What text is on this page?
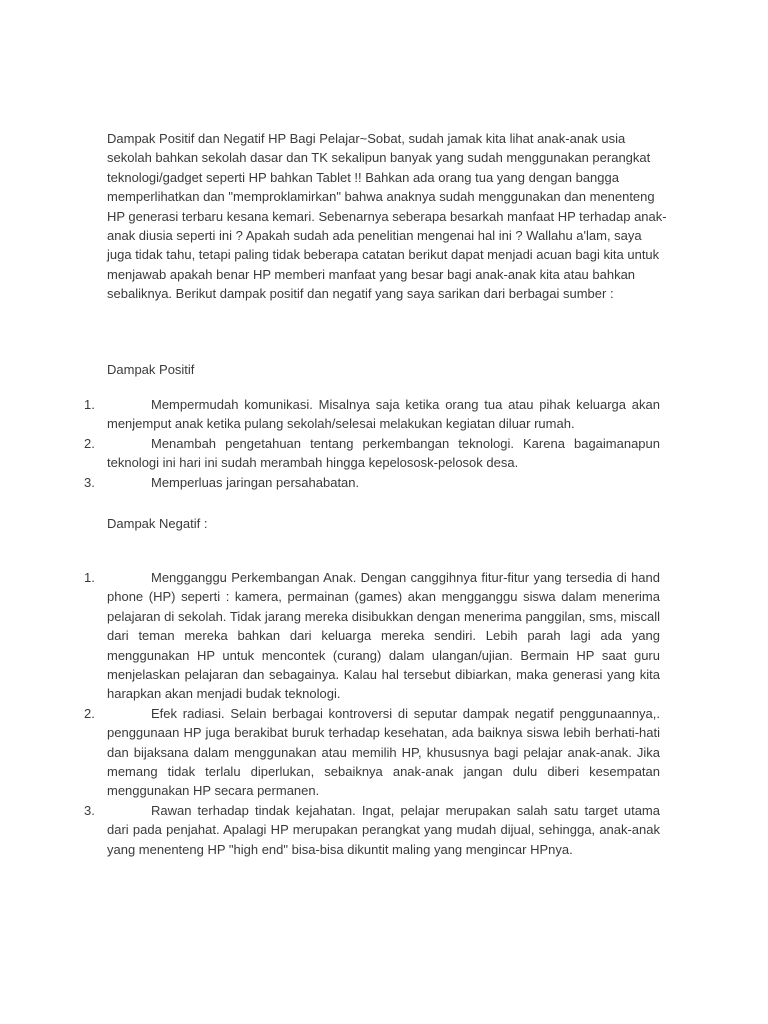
Dampak Positif dan Negatif HP Bagi Pelajar~Sobat, sudah jamak kita lihat anak-anak usia sekolah bahkan sekolah dasar dan TK sekalipun banyak yang sudah menggunakan perangkat teknologi/gadget seperti HP bahkan Tablet !! Bahkan ada orang tua yang dengan bangga memperlihatkan dan "memproklamirkan" bahwa anaknya sudah menggunakan dan menenteng HP generasi terbaru kesana kemari. Sebenarnya seberapa besarkah manfaat HP terhadap anak-anak diusia seperti ini ? Apakah sudah ada penelitian mengenai hal ini ? Wallahu a'lam, saya juga tidak tahu, tetapi paling tidak beberapa catatan berikut dapat menjadi acuan bagi kita untuk menjawab apakah benar HP memberi manfaat yang besar bagi anak-anak kita atau bahkan sebaliknya. Berikut dampak positif dan negatif yang saya sarikan dari berbagai sumber :

Dampak Positif

1.	Mempermudah komunikasi. Misalnya saja ketika orang tua atau pihak keluarga akan menjemput anak ketika pulang sekolah/selesai melakukan kegiatan diluar rumah.
2.	Menambah pengetahuan tentang perkembangan teknologi. Karena bagaimanapun teknologi ini hari ini sudah merambah hingga kepelososk-pelosok desa.
3.	Memperluas jaringan persahabatan.

Dampak Negatif :

1.	Mengganggu Perkembangan Anak. Dengan canggihnya fitur-fitur yang tersedia di hand phone (HP) seperti : kamera, permainan (games) akan mengganggu siswa dalam menerima pelajaran di sekolah. Tidak jarang mereka disibukkan dengan menerima panggilan, sms, miscall dari teman mereka bahkan dari keluarga mereka sendiri. Lebih parah lagi ada yang menggunakan HP untuk mencontek (curang) dalam ulangan/ujian. Bermain HP saat guru menjelaskan pelajaran dan sebagainya. Kalau hal tersebut dibiarkan, maka generasi yang kita harapkan akan menjadi budak teknologi.
2.	Efek radiasi. Selain berbagai kontroversi di seputar dampak negatif penggunaannya,. penggunaan HP juga berakibat buruk terhadap kesehatan, ada baiknya siswa lebih berhati-hati dan bijaksana dalam menggunakan atau memilih HP, khususnya bagi pelajar anak-anak. Jika memang tidak terlalu diperlukan, sebaiknya anak-anak jangan dulu diberi kesempatan menggunakan HP secara permanen.
3.	Rawan terhadap tindak kejahatan. Ingat, pelajar merupakan salah satu target utama dari pada penjahat. Apalagi HP merupakan perangkat yang mudah dijual, sehingga, anak-anak yang menenteng HP "high end" bisa-bisa dikuntit maling yang mengincar HPnya.
